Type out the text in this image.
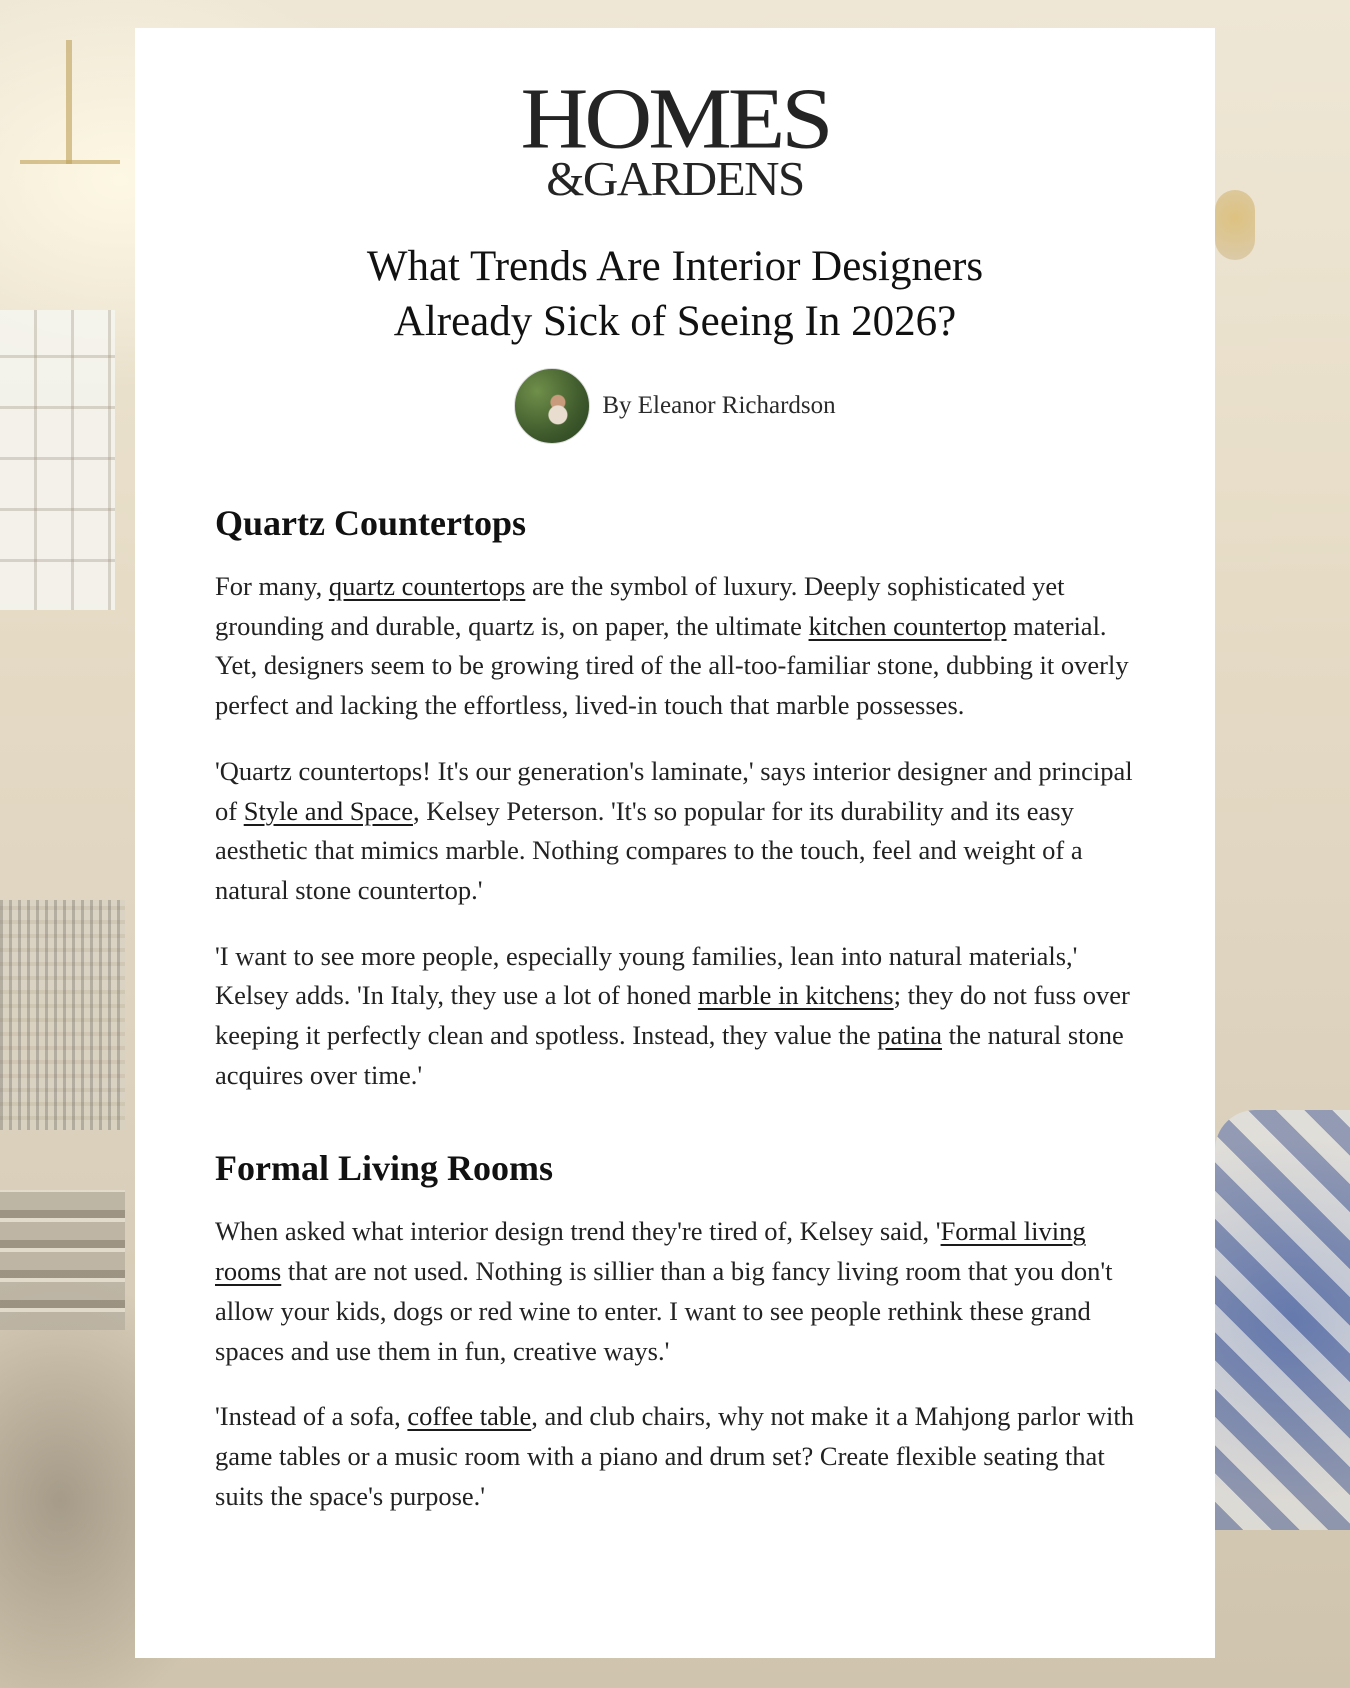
HOMES
&GARDENS
What Trends Are Interior Designers
Already Sick of Seeing In 2026?
By Eleanor Richardson
Quartz Countertops

For many, quartz countertops are the symbol of luxury. Deeply sophisticated yet grounding and durable, quartz is, on paper, the ultimate kitchen countertop material. Yet, designers seem to be growing tired of the all-too-familiar stone, dubbing it overly perfect and lacking the effortless, lived-in touch that marble possesses.

'Quartz countertops! It's our generation's laminate,' says interior designer and principal of Style and Space, Kelsey Peterson. 'It's so popular for its durability and its easy aesthetic that mimics marble. Nothing compares to the touch, feel and weight of a natural stone countertop.'

'I want to see more people, especially young families, lean into natural materials,' Kelsey adds. 'In Italy, they use a lot of honed marble in kitchens; they do not fuss over keeping it perfectly clean and spotless. Instead, they value the patina the natural stone acquires over time.'

Formal Living Rooms

When asked what interior design trend they're tired of, Kelsey said, 'Formal living rooms that are not used. Nothing is sillier than a big fancy living room that you don't allow your kids, dogs or red wine to enter. I want to see people rethink these grand spaces and use them in fun, creative ways.'

'Instead of a sofa, coffee table, and club chairs, why not make it a Mahjong parlor with game tables or a music room with a piano and drum set? Create flexible seating that suits the space's purpose.'
